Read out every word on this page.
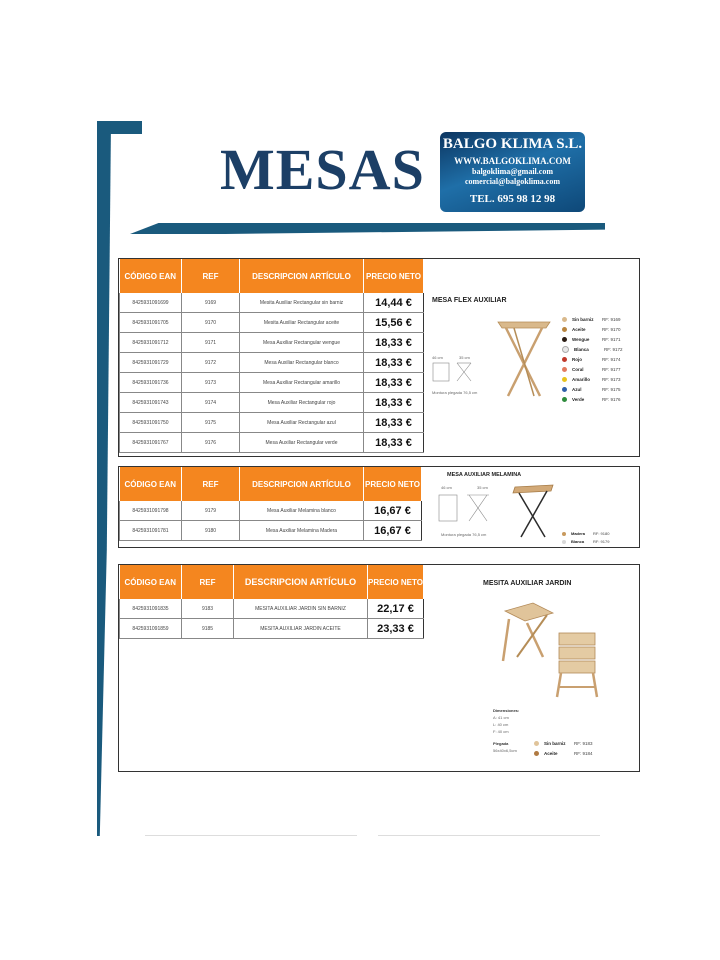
MESAS BALGO KLIMA S.L.
WWW.BALGOKLIMA.COM
balgoklima@gmail.com
comercial@balgoklima.com
TEL. 695 98 12 98
CÓDIGO EAN	REF	DESCRIPCION ARTÍCULO	PRECIO NETO
8425931091699	9169	Mesita Auxiliar Rectangular sin barniz	14,44 €
8425931091705	9170	Mesita Auxiliar Rectangular aceite	15,56 €
8425931091712	9171	Mesa Auxiliar Rectangular wengue	18,33 €
8425931091729	9172	Mesa Auxiliar Rectangular blanco	18,33 €
8425931091736	9173	Mesa Auxiliar Rectangular amarillo	18,33 €
8425931091743	9174	Mesa Auxiliar Rectangular rojo	18,33 €
8425931091750	9175	Mesa Auxiliar Rectangular azul	18,33 €
8425931091767	9176	Mesa Auxiliar Rectangular verde	18,33 €
MESA FLEX AUXILIAR
46 cm	35 cm
Montura plegada 76,5 cm
Sin barniz RF: 9169
Aceite	RF: 9170
Wengue	RF: 9171
Blanca	RF: 9172
Rojo	RF: 9174
Coral	RF: 9177
Amarillo	RF: 9173
Azul	RF: 9175
Verde	RF: 9176
CÓDIGO EAN	REF	DESCRIPCION ARTÍCULO	PRECIO NETO
8425931091798	9179	Mesa Auxiliar Melamina blanco	16,67 €
8425931091781	9180	Mesa Auxiliar Melamina Madera	16,67 €
MESA AUXILIAR MELAMINA
46 cm	35 cm
Montura plegada 76,5 cm	Madera RF: 9180
Blanca RF: 9179
CÓDIGO EAN	REF	DESCRIPCION ARTÍCULO	PRECIO NETO
8425931091835	9183	MESITA AUXILIAR JARDIN SIN BARNIZ	22,17 €
8425931091859	9185	MESITA AUXILIAR JARDIN ACEITE	23,33 €
MESITA AUXILIAR JARDIN
Dimensiones:
A: 41 cm
L: 40 cm
F: 40 cm
Plegada
56x40x6,5cm
Sin barniz RF: 9183
Aceite	RF: 9184
